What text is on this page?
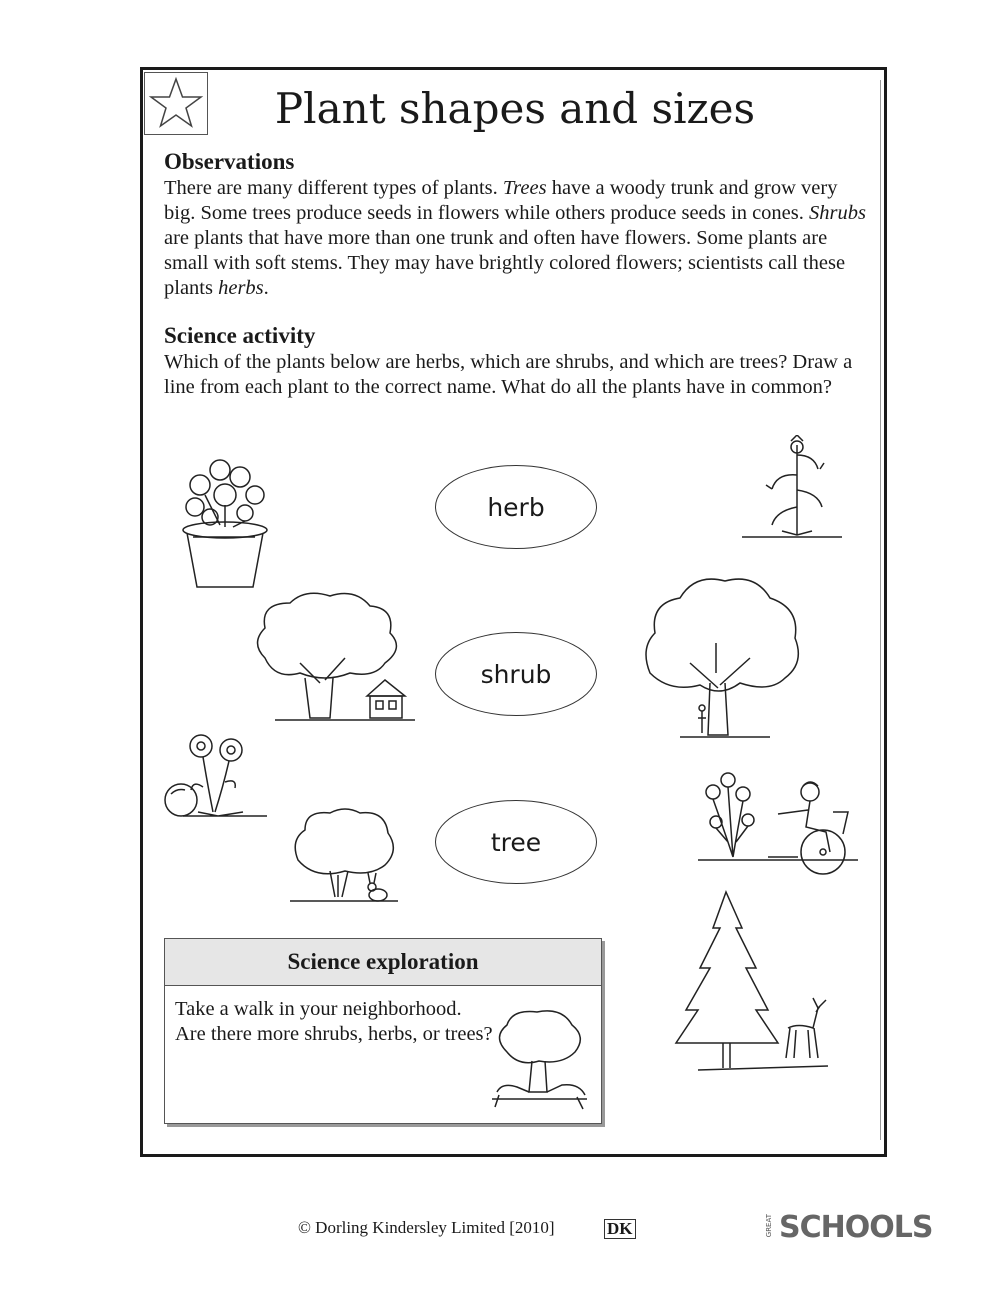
Plant shapes and sizes
Observations
There are many different types of plants. Trees have a woody trunk and grow very big. Some trees produce seeds in flowers while others produce seeds in cones. Shrubs are plants that have more than one trunk and often have flowers. Some plants are small with soft stems. They may have brightly colored flowers; scientists call these plants herbs.
Science activity
Which of the plants below are herbs, which are shrubs, and which are trees? Draw a line from each plant to the correct name. What do all the plants have in common?
herb
shrub
tree
Science exploration
Take a walk in your neighborhood. Are there more shrubs, herbs, or trees?
© Dorling Kindersley Limited [2010]	DK	GREAT SCHOOLS
